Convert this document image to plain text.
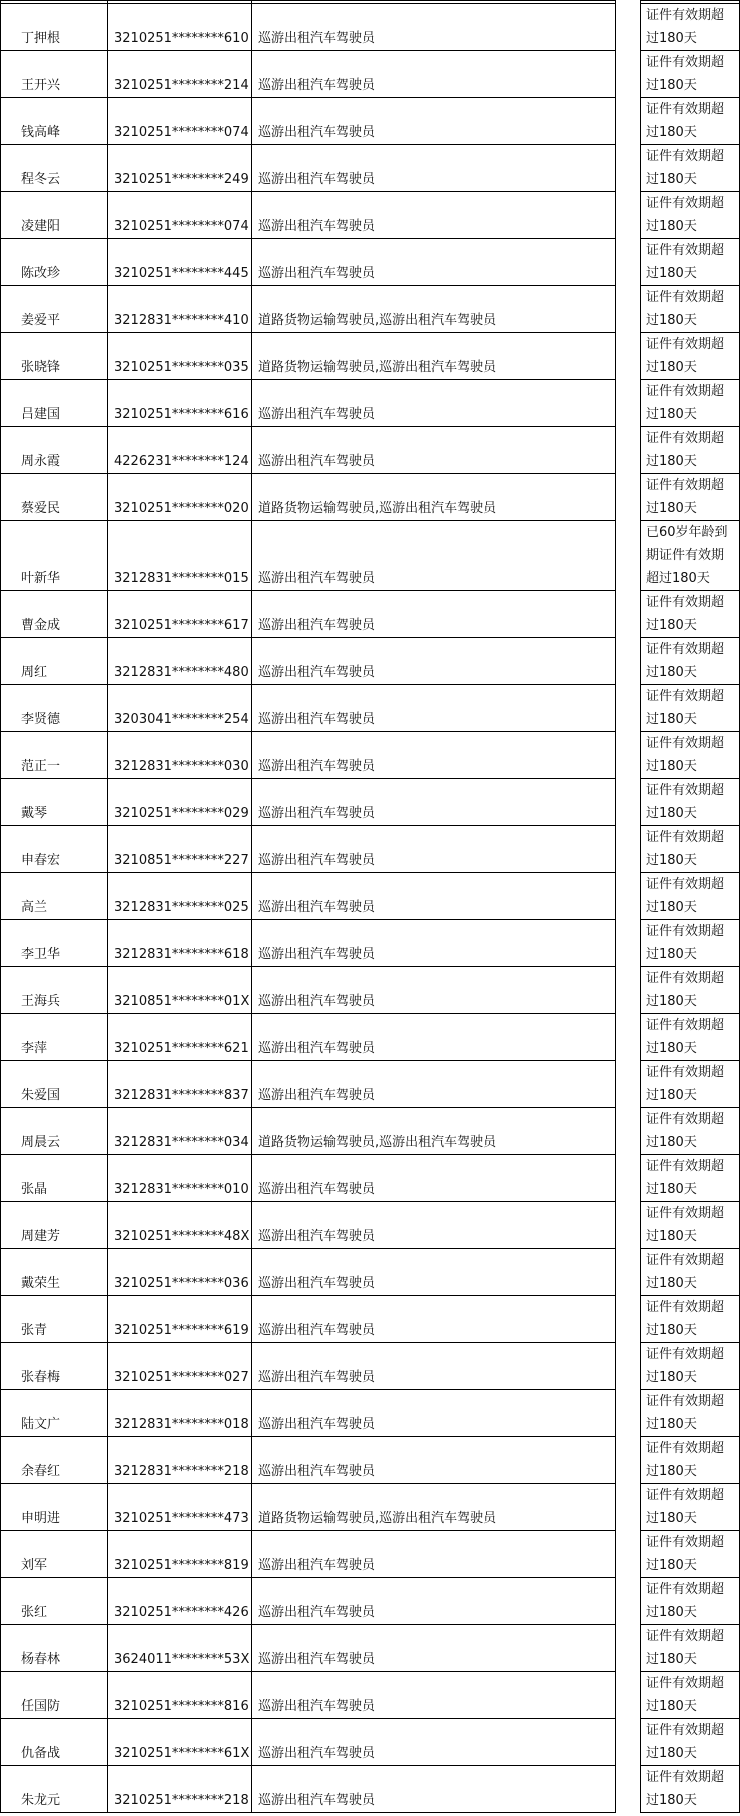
丁押根	3210251********610	巡游出租汽车驾驶员		证件有效期超过180天
王开兴	3210251********214	巡游出租汽车驾驶员		证件有效期超过180天
钱高峰	3210251********074	巡游出租汽车驾驶员		证件有效期超过180天
程冬云	3210251********249	巡游出租汽车驾驶员		证件有效期超过180天
凌建阳	3210251********074	巡游出租汽车驾驶员		证件有效期超过180天
陈改珍	3210251********445	巡游出租汽车驾驶员		证件有效期超过180天
姜爱平	3212831********410	道路货物运输驾驶员,巡游出租汽车驾驶员		证件有效期超过180天
张晓锋	3210251********035	道路货物运输驾驶员,巡游出租汽车驾驶员		证件有效期超过180天
吕建国	3210251********616	巡游出租汽车驾驶员		证件有效期超过180天
周永霞	4226231********124	巡游出租汽车驾驶员		证件有效期超过180天
蔡爱民	3210251********020	道路货物运输驾驶员,巡游出租汽车驾驶员		证件有效期超过180天
叶新华	3212831********015	巡游出租汽车驾驶员		已60岁年龄到期证件有效期超过180天
曹金成	3210251********617	巡游出租汽车驾驶员		证件有效期超过180天
周红	3212831********480	巡游出租汽车驾驶员		证件有效期超过180天
李贤德	3203041********254	巡游出租汽车驾驶员		证件有效期超过180天
范正一	3212831********030	巡游出租汽车驾驶员		证件有效期超过180天
戴琴	3210251********029	巡游出租汽车驾驶员		证件有效期超过180天
申春宏	3210851********227	巡游出租汽车驾驶员		证件有效期超过180天
高兰	3212831********025	巡游出租汽车驾驶员		证件有效期超过180天
李卫华	3212831********618	巡游出租汽车驾驶员		证件有效期超过180天
王海兵	3210851********01X	巡游出租汽车驾驶员		证件有效期超过180天
李萍	3210251********621	巡游出租汽车驾驶员		证件有效期超过180天
朱爱国	3212831********837	巡游出租汽车驾驶员		证件有效期超过180天
周晨云	3212831********034	道路货物运输驾驶员,巡游出租汽车驾驶员		证件有效期超过180天
张晶	3212831********010	巡游出租汽车驾驶员		证件有效期超过180天
周建芳	3210251********48X	巡游出租汽车驾驶员		证件有效期超过180天
戴荣生	3210251********036	巡游出租汽车驾驶员		证件有效期超过180天
张青	3210251********619	巡游出租汽车驾驶员		证件有效期超过180天
张春梅	3210251********027	巡游出租汽车驾驶员		证件有效期超过180天
陆文广	3212831********018	巡游出租汽车驾驶员		证件有效期超过180天
余春红	3212831********218	巡游出租汽车驾驶员		证件有效期超过180天
申明进	3210251********473	道路货物运输驾驶员,巡游出租汽车驾驶员		证件有效期超过180天
刘军	3210251********819	巡游出租汽车驾驶员		证件有效期超过180天
张红	3210251********426	巡游出租汽车驾驶员		证件有效期超过180天
杨春林	3624011********53X	巡游出租汽车驾驶员		证件有效期超过180天
任国防	3210251********816	巡游出租汽车驾驶员		证件有效期超过180天
仇备战	3210251********61X	巡游出租汽车驾驶员		证件有效期超过180天
朱龙元	3210251********218	巡游出租汽车驾驶员		证件有效期超过180天
